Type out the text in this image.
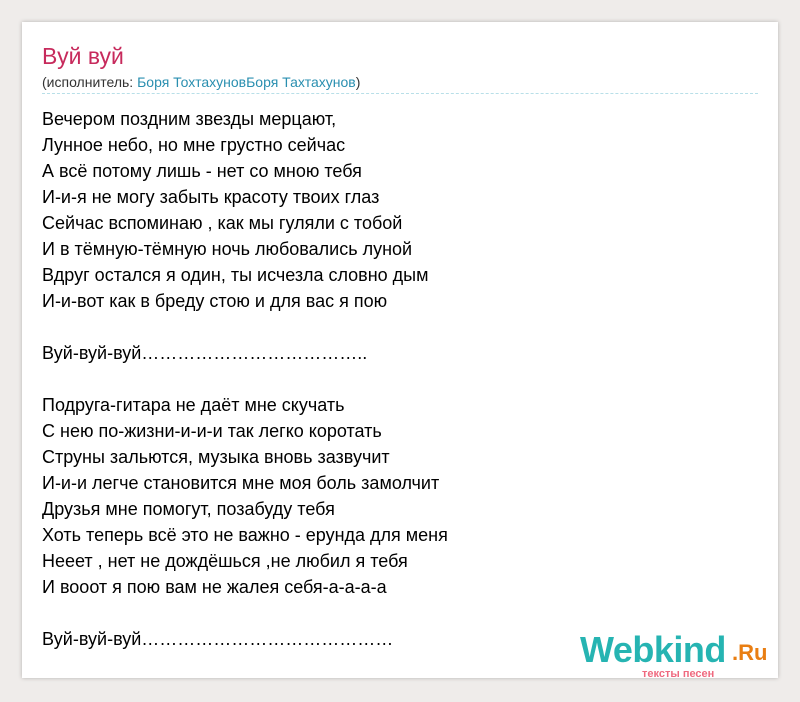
Вуй вуй
(исполнитель: Боря ТохтахуновБоря Тахтахунов)
Вечером поздним звезды мерцают,
Лунное небо, но мне грустно сейчас
А всё потому лишь - нет со мною тебя
И-и-я не могу забыть красоту твоих глаз
Сейчас вспоминаю , как мы гуляли с тобой
И в тёмную-тёмную ночь любовались луной
Вдруг остался я один, ты исчезла словно дым
И-и-вот как в бреду стою и для вас я пою
Вуй-вуй-вуй………………………………..
Подруга-гитара не даёт мне скучать
С нею по-жизни-и-и-и так легко коротать
Струны зальются, музыка вновь зазвучит
И-и-и легче становится мне моя боль замолчит
Друзья мне помогут, позабуду тебя
Хоть теперь всё это не важно - ерунда для меня
Нееет , нет не дождёшься ,не любил я тебя
И вооот я пою вам не жалея себя-а-а-а-а
Вуй-вуй-вуй……………………………………	Webkind .Ru
тексты песен
